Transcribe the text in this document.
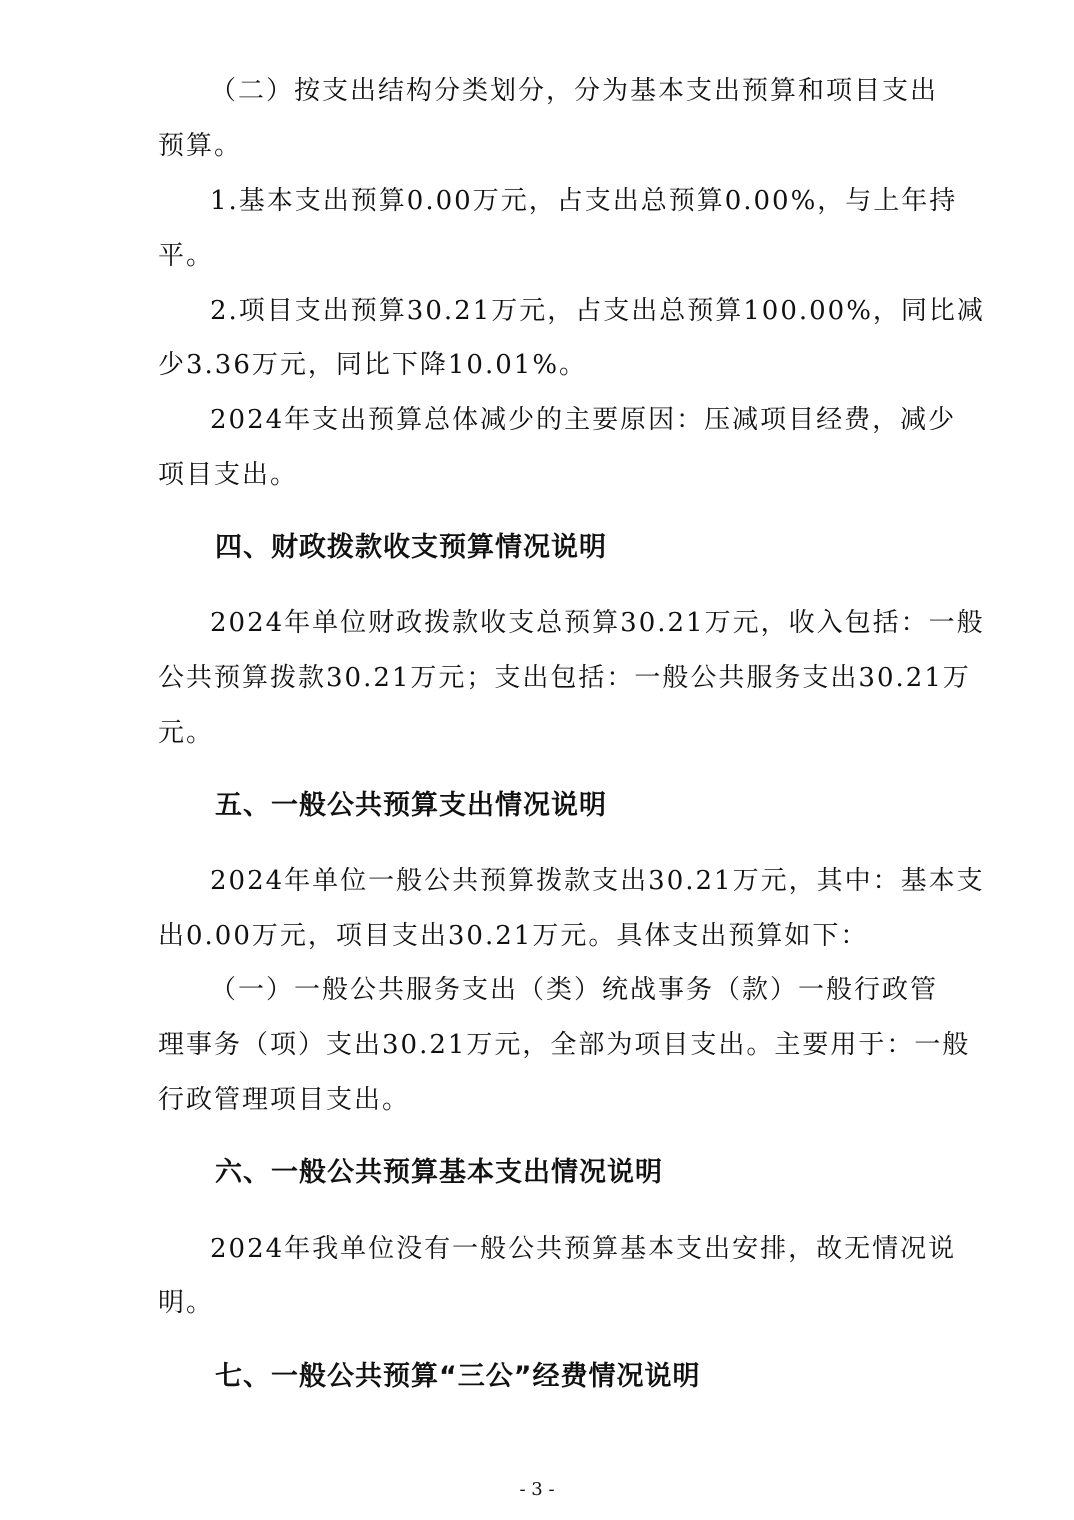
（二）按支出结构分类划分，分为基本支出预算和项目支出
预算。
1.基本支出预算0.00万元，占支出总预算0.00%，与上年持
平。
2.项目支出预算30.21万元，占支出总预算100.00%，同比减
少3.36万元，同比下降10.01%。
2024年支出预算总体减少的主要原因：压减项目经费，减少
项目支出。
四、财政拨款收支预算情况说明
2024年单位财政拨款收支总预算30.21万元，收入包括：一般
公共预算拨款30.21万元；支出包括：一般公共服务支出30.21万
元。
五、一般公共预算支出情况说明
2024年单位一般公共预算拨款支出30.21万元，其中：基本支
出0.00万元，项目支出30.21万元。具体支出预算如下：
（一）一般公共服务支出（类）统战事务（款）一般行政管
理事务（项）支出30.21万元，全部为项目支出。主要用于：一般
行政管理项目支出。
六、一般公共预算基本支出情况说明
2024年我单位没有一般公共预算基本支出安排，故无情况说
明。
七、一般公共预算“三公”经费情况说明
- 3 -
